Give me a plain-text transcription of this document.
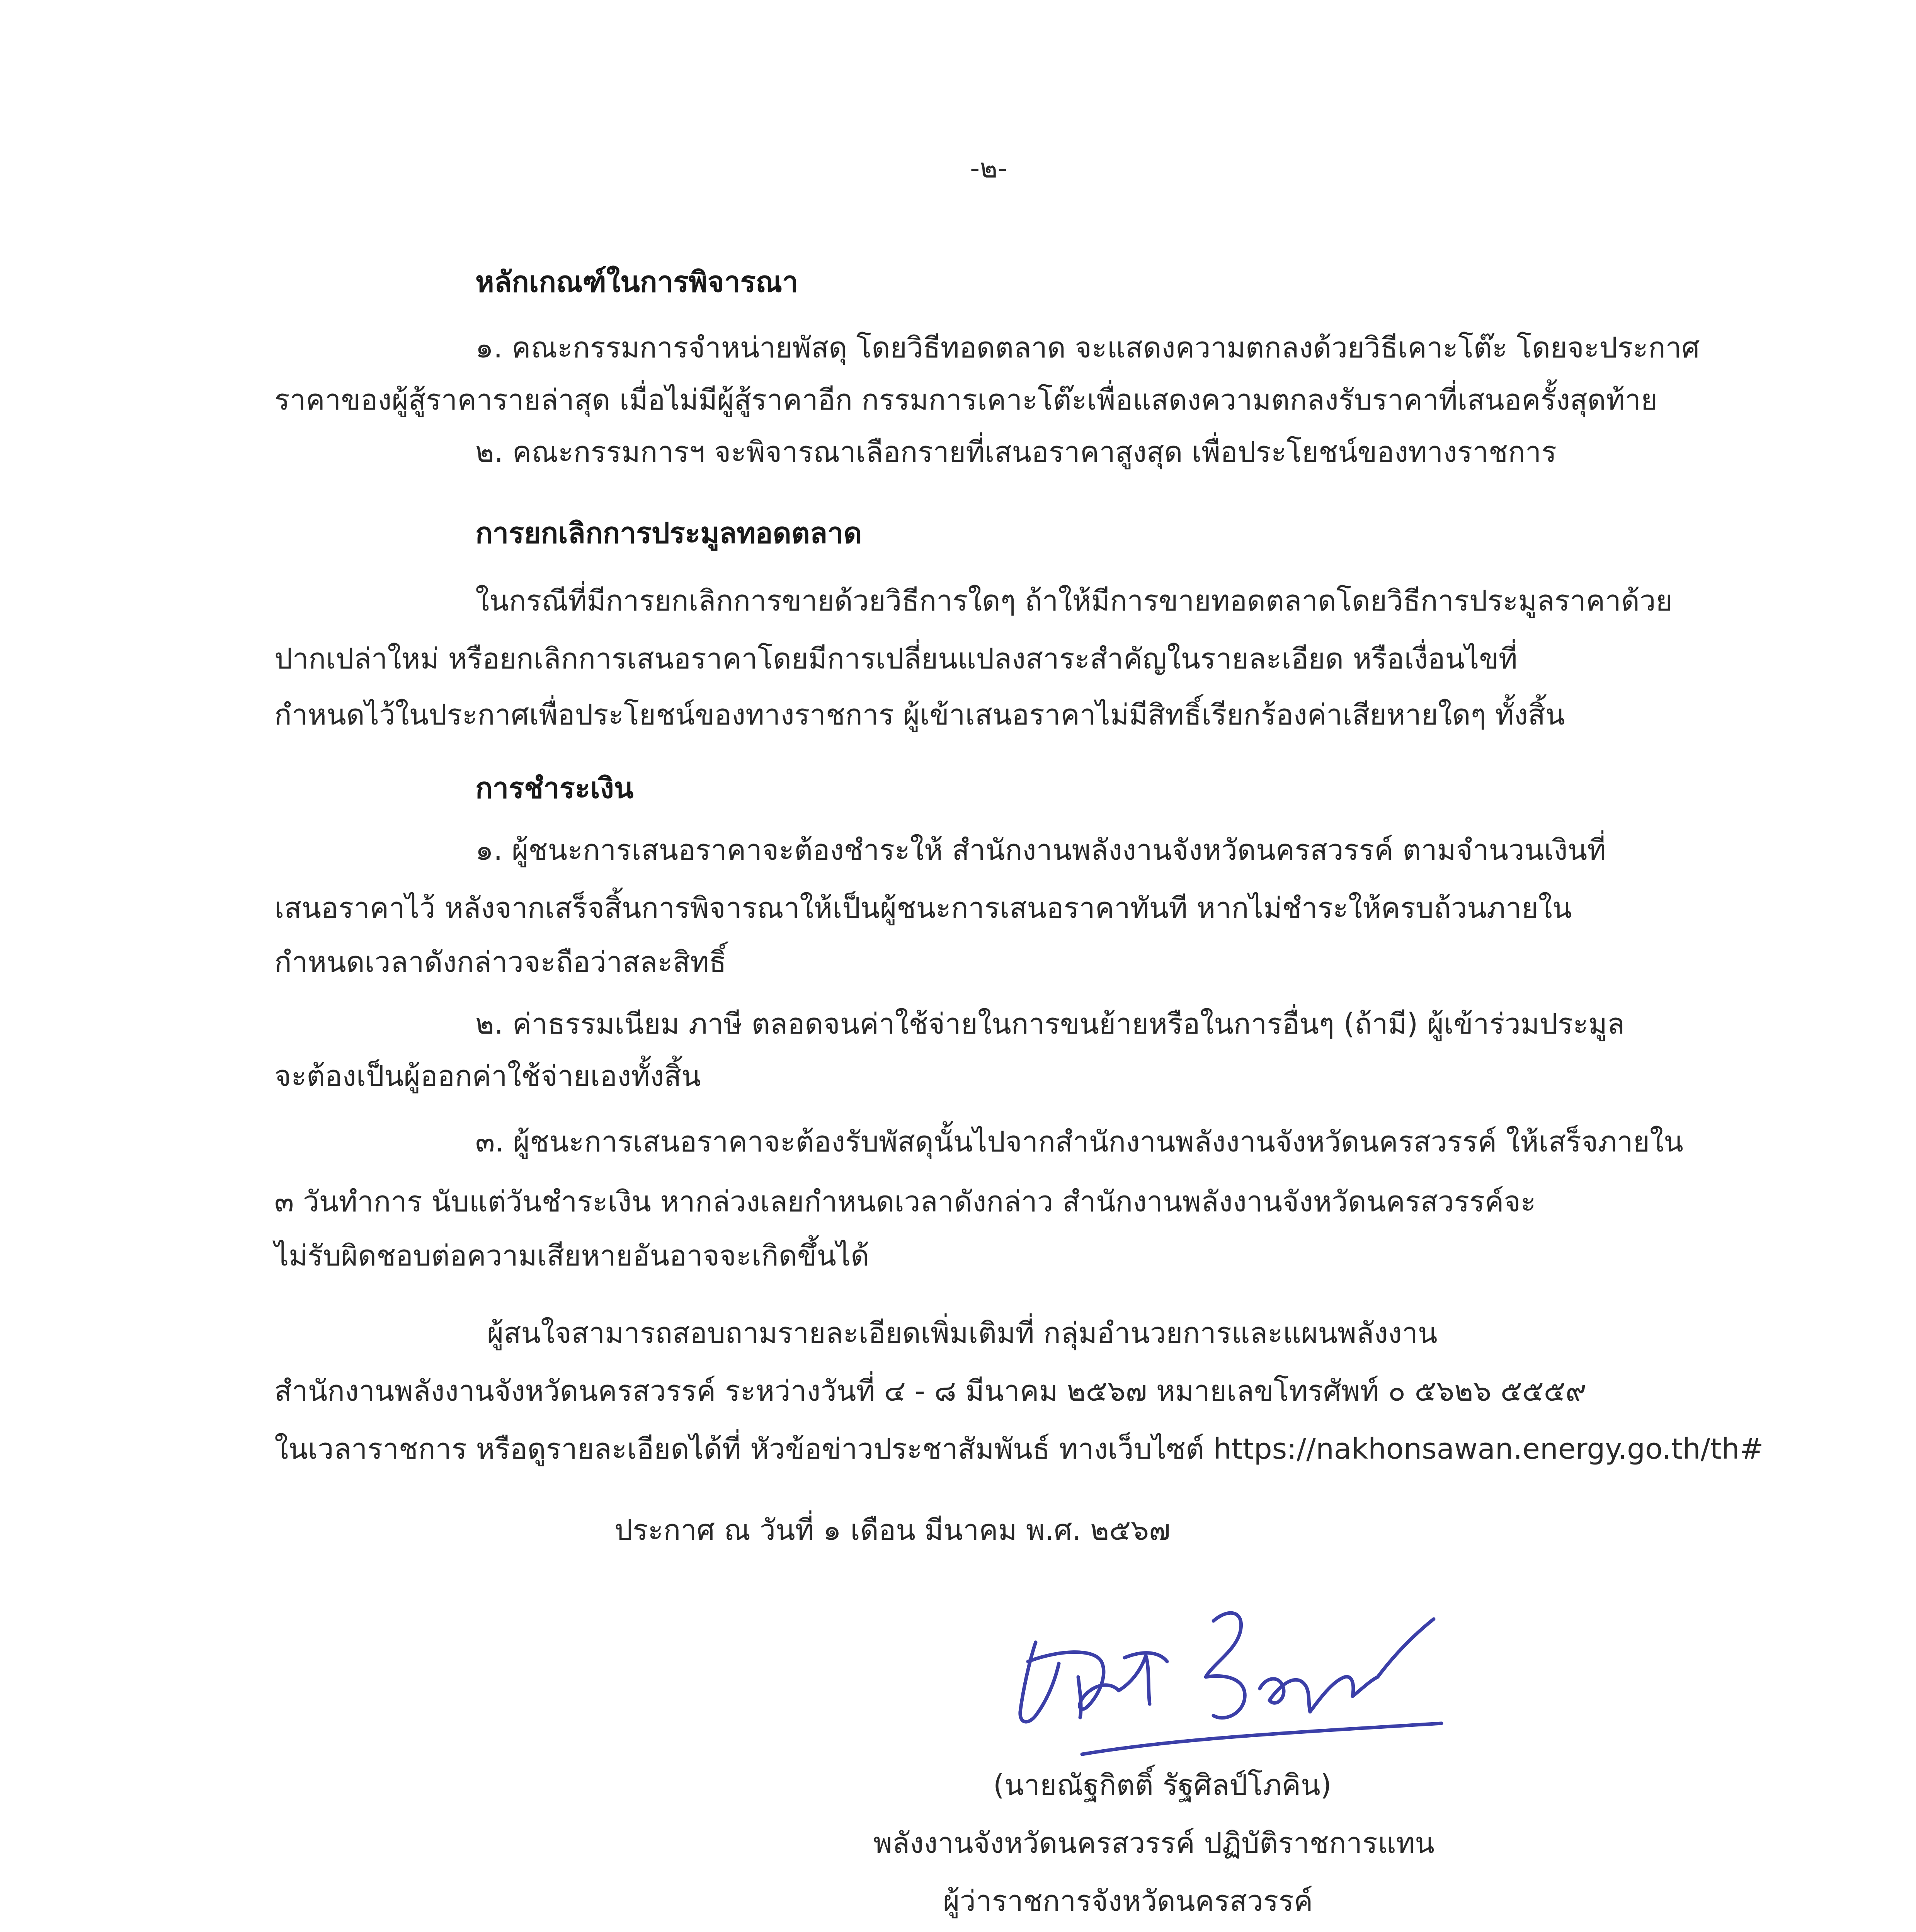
-๒-
หลักเกณฑ์ในการพิจารณา
๑. คณะกรรมการจำหน่ายพัสดุ โดยวิธีทอดตลาด จะแสดงความตกลงด้วยวิธีเคาะโต๊ะ โดยจะประกาศ
ราคาของผู้สู้ราคารายล่าสุด เมื่อไม่มีผู้สู้ราคาอีก กรรมการเคาะโต๊ะเพื่อแสดงความตกลงรับราคาที่เสนอครั้งสุดท้าย
๒. คณะกรรมการฯ จะพิจารณาเลือกรายที่เสนอราคาสูงสุด เพื่อประโยชน์ของทางราชการ
การยกเลิกการประมูลทอดตลาด
ในกรณีที่มีการยกเลิกการขายด้วยวิธีการใดๆ ถ้าให้มีการขายทอดตลาดโดยวิธีการประมูลราคาด้วย
ปากเปล่าใหม่ หรือยกเลิกการเสนอราคาโดยมีการเปลี่ยนแปลงสาระสำคัญในรายละเอียด หรือเงื่อนไขที่
กำหนดไว้ในประกาศเพื่อประโยชน์ของทางราชการ ผู้เข้าเสนอราคาไม่มีสิทธิ์เรียกร้องค่าเสียหายใดๆ ทั้งสิ้น
การชำระเงิน
๑. ผู้ชนะการเสนอราคาจะต้องชำระให้ สำนักงานพลังงานจังหวัดนครสวรรค์ ตามจำนวนเงินที่
เสนอราคาไว้ หลังจากเสร็จสิ้นการพิจารณาให้เป็นผู้ชนะการเสนอราคาทันที หากไม่ชำระให้ครบถ้วนภายใน
กำหนดเวลาดังกล่าวจะถือว่าสละสิทธิ์
๒. ค่าธรรมเนียม ภาษี ตลอดจนค่าใช้จ่ายในการขนย้ายหรือในการอื่นๆ (ถ้ามี) ผู้เข้าร่วมประมูล
จะต้องเป็นผู้ออกค่าใช้จ่ายเองทั้งสิ้น
๓. ผู้ชนะการเสนอราคาจะต้องรับพัสดุนั้นไปจากสำนักงานพลังงานจังหวัดนครสวรรค์ ให้เสร็จภายใน
๓ วันทำการ นับแต่วันชำระเงิน หากล่วงเลยกำหนดเวลาดังกล่าว สำนักงานพลังงานจังหวัดนครสวรรค์จะ
ไม่รับผิดชอบต่อความเสียหายอันอาจจะเกิดขึ้นได้
ผู้สนใจสามารถสอบถามรายละเอียดเพิ่มเติมที่ กลุ่มอำนวยการและแผนพลังงาน
สำนักงานพลังงานจังหวัดนครสวรรค์ ระหว่างวันที่ ๔ - ๘ มีนาคม ๒๕๖๗ หมายเลขโทรศัพท์ ๐ ๕๖๒๖ ๕๕๕๙
ในเวลาราชการ หรือดูรายละเอียดได้ที่ หัวข้อข่าวประชาสัมพันธ์ ทางเว็บไซต์ https://nakhonsawan.energy.go.th/th#
ประกาศ ณ วันที่ ๑ เดือน มีนาคม พ.ศ. ๒๕๖๗
(นายณัฐกิตติ์ รัฐศิลป์โภคิน)
พลังงานจังหวัดนครสวรรค์ ปฏิบัติราชการแทน
ผู้ว่าราชการจังหวัดนครสวรรค์
